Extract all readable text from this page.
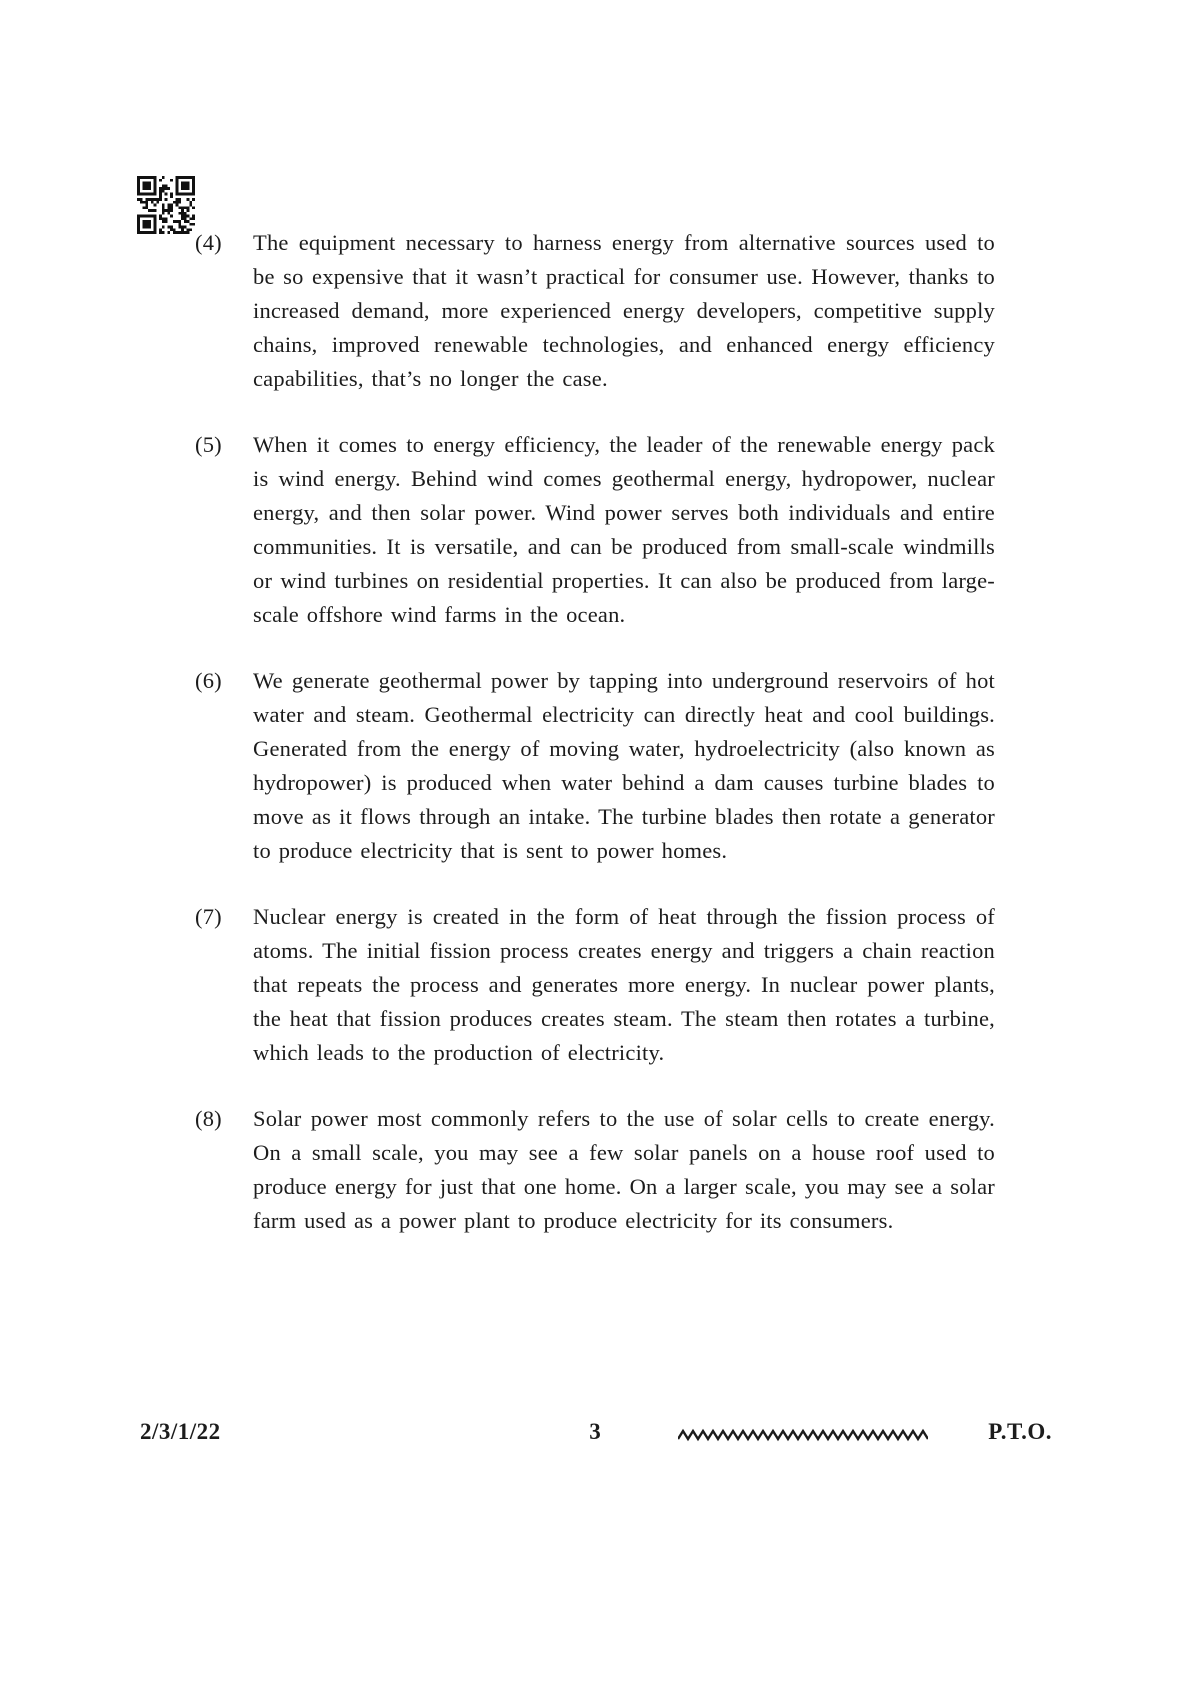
(4)	The equipment necessary to harness energy from alternative sources used to be so expensive that it wasn’t practical for consumer use. However, thanks to increased demand, more experienced energy developers, competitive supply chains, improved renewable technologies, and enhanced energy efficiency capabilities, that’s no longer the case.
(5)	When it comes to energy efficiency, the leader of the renewable energy pack is wind energy. Behind wind comes geothermal energy, hydropower, nuclear energy, and then solar power. Wind power serves both individuals and entire communities. It is versatile, and can be produced from small-scale windmills or wind turbines on residential properties. It can also be produced from large-scale offshore wind farms in the ocean.
(6)	We generate geothermal power by tapping into underground reservoirs of hot water and steam. Geothermal electricity can directly heat and cool buildings. Generated from the energy of moving water, hydroelectricity (also known as hydropower) is produced when water behind a dam causes turbine blades to move as it flows through an intake. The turbine blades then rotate a generator to produce electricity that is sent to power homes.
(7)	Nuclear energy is created in the form of heat through the fission process of atoms. The initial fission process creates energy and triggers a chain reaction that repeats the process and generates more energy. In nuclear power plants, the heat that fission produces creates steam. The steam then rotates a turbine, which leads to the production of electricity.
(8)	Solar power most commonly refers to the use of solar cells to create energy. On a small scale, you may see a few solar panels on a house roof used to produce energy for just that one home. On a larger scale, you may see a solar farm used as a power plant to produce electricity for its consumers.
2/3/1/22	3	P.T.O.
